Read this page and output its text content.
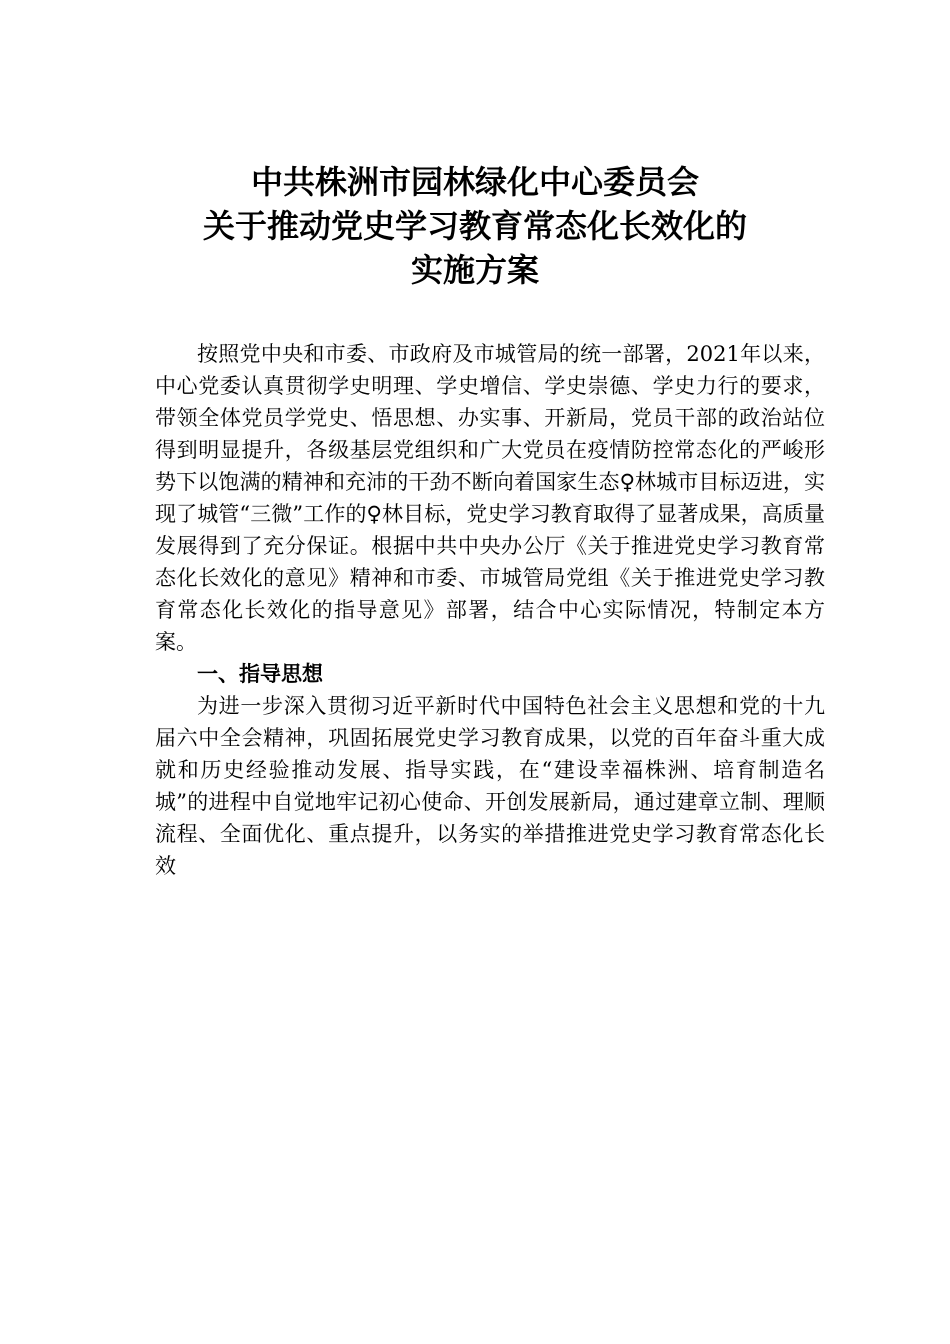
中共株洲市园林绿化中心委员会
关于推动党史学习教育常态化长效化的
实施方案

按照党中央和市委、市政府及市城管局的统一部署，2021年以来，中心党委认真贯彻学史明理、学史增信、学史崇德、学史力行的要求，带领全体党员学党史、悟思想、办实事、开新局，党员干部的政治站位得到明显提升，各级基层党组织和广大党员在疫情防控常态化的严峻形势下以饱满的精神和充沛的干劲不断向着国家生态♀林城市目标迈进，实现了城管“三微”工作的♀林目标，党史学习教育取得了显著成果，高质量发展得到了充分保证。根据中共中央办公厅《关于推进党史学习教育常态化长效化的意见》精神和市委、市城管局党组《关于推进党史学习教育常态化长效化的指导意见》部署，结合中心实际情况，特制定本方案。

一、指导思想

为进一步深入贯彻习近平新时代中国特色社会主义思想和党的十九届六中全会精神，巩固拓展党史学习教育成果，以党的百年奋斗重大成就和历史经验推动发展、指导实践，在“建设幸福株洲、培育制造名城”的进程中自觉地牢记初心使命、开创发展新局，通过建章立制、理顺流程、全面优化、重点提升，以务实的举措推进党史学习教育常态化长效
